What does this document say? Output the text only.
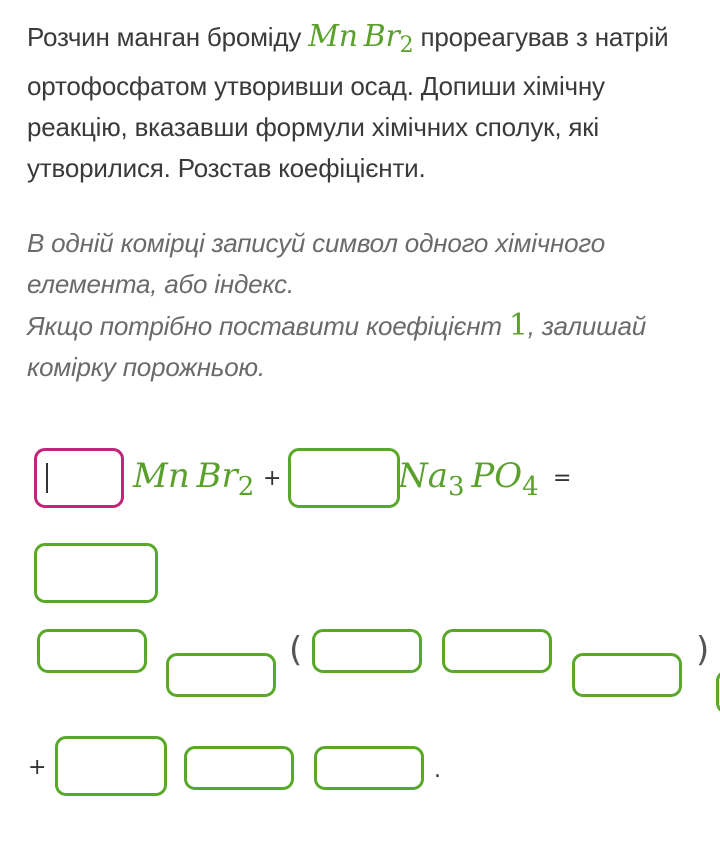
Розчин манган броміду Mn  $Br_2$ прореагував з натрій ортофосфатом утворивши осад. Допиши хімічну реакцію, вказавши формули хімічних сполук, які утворилися. Розстав коефіцієнти.
В одній комірці записуй символ одного хімічного елемента, або індекс.
Якщо потрібно поставити коефіцієнт 1, залишай комірку порожньою.
Mn  $Br_2$ +	$Na_3$  $PO_4$ =
(	)
+	.
